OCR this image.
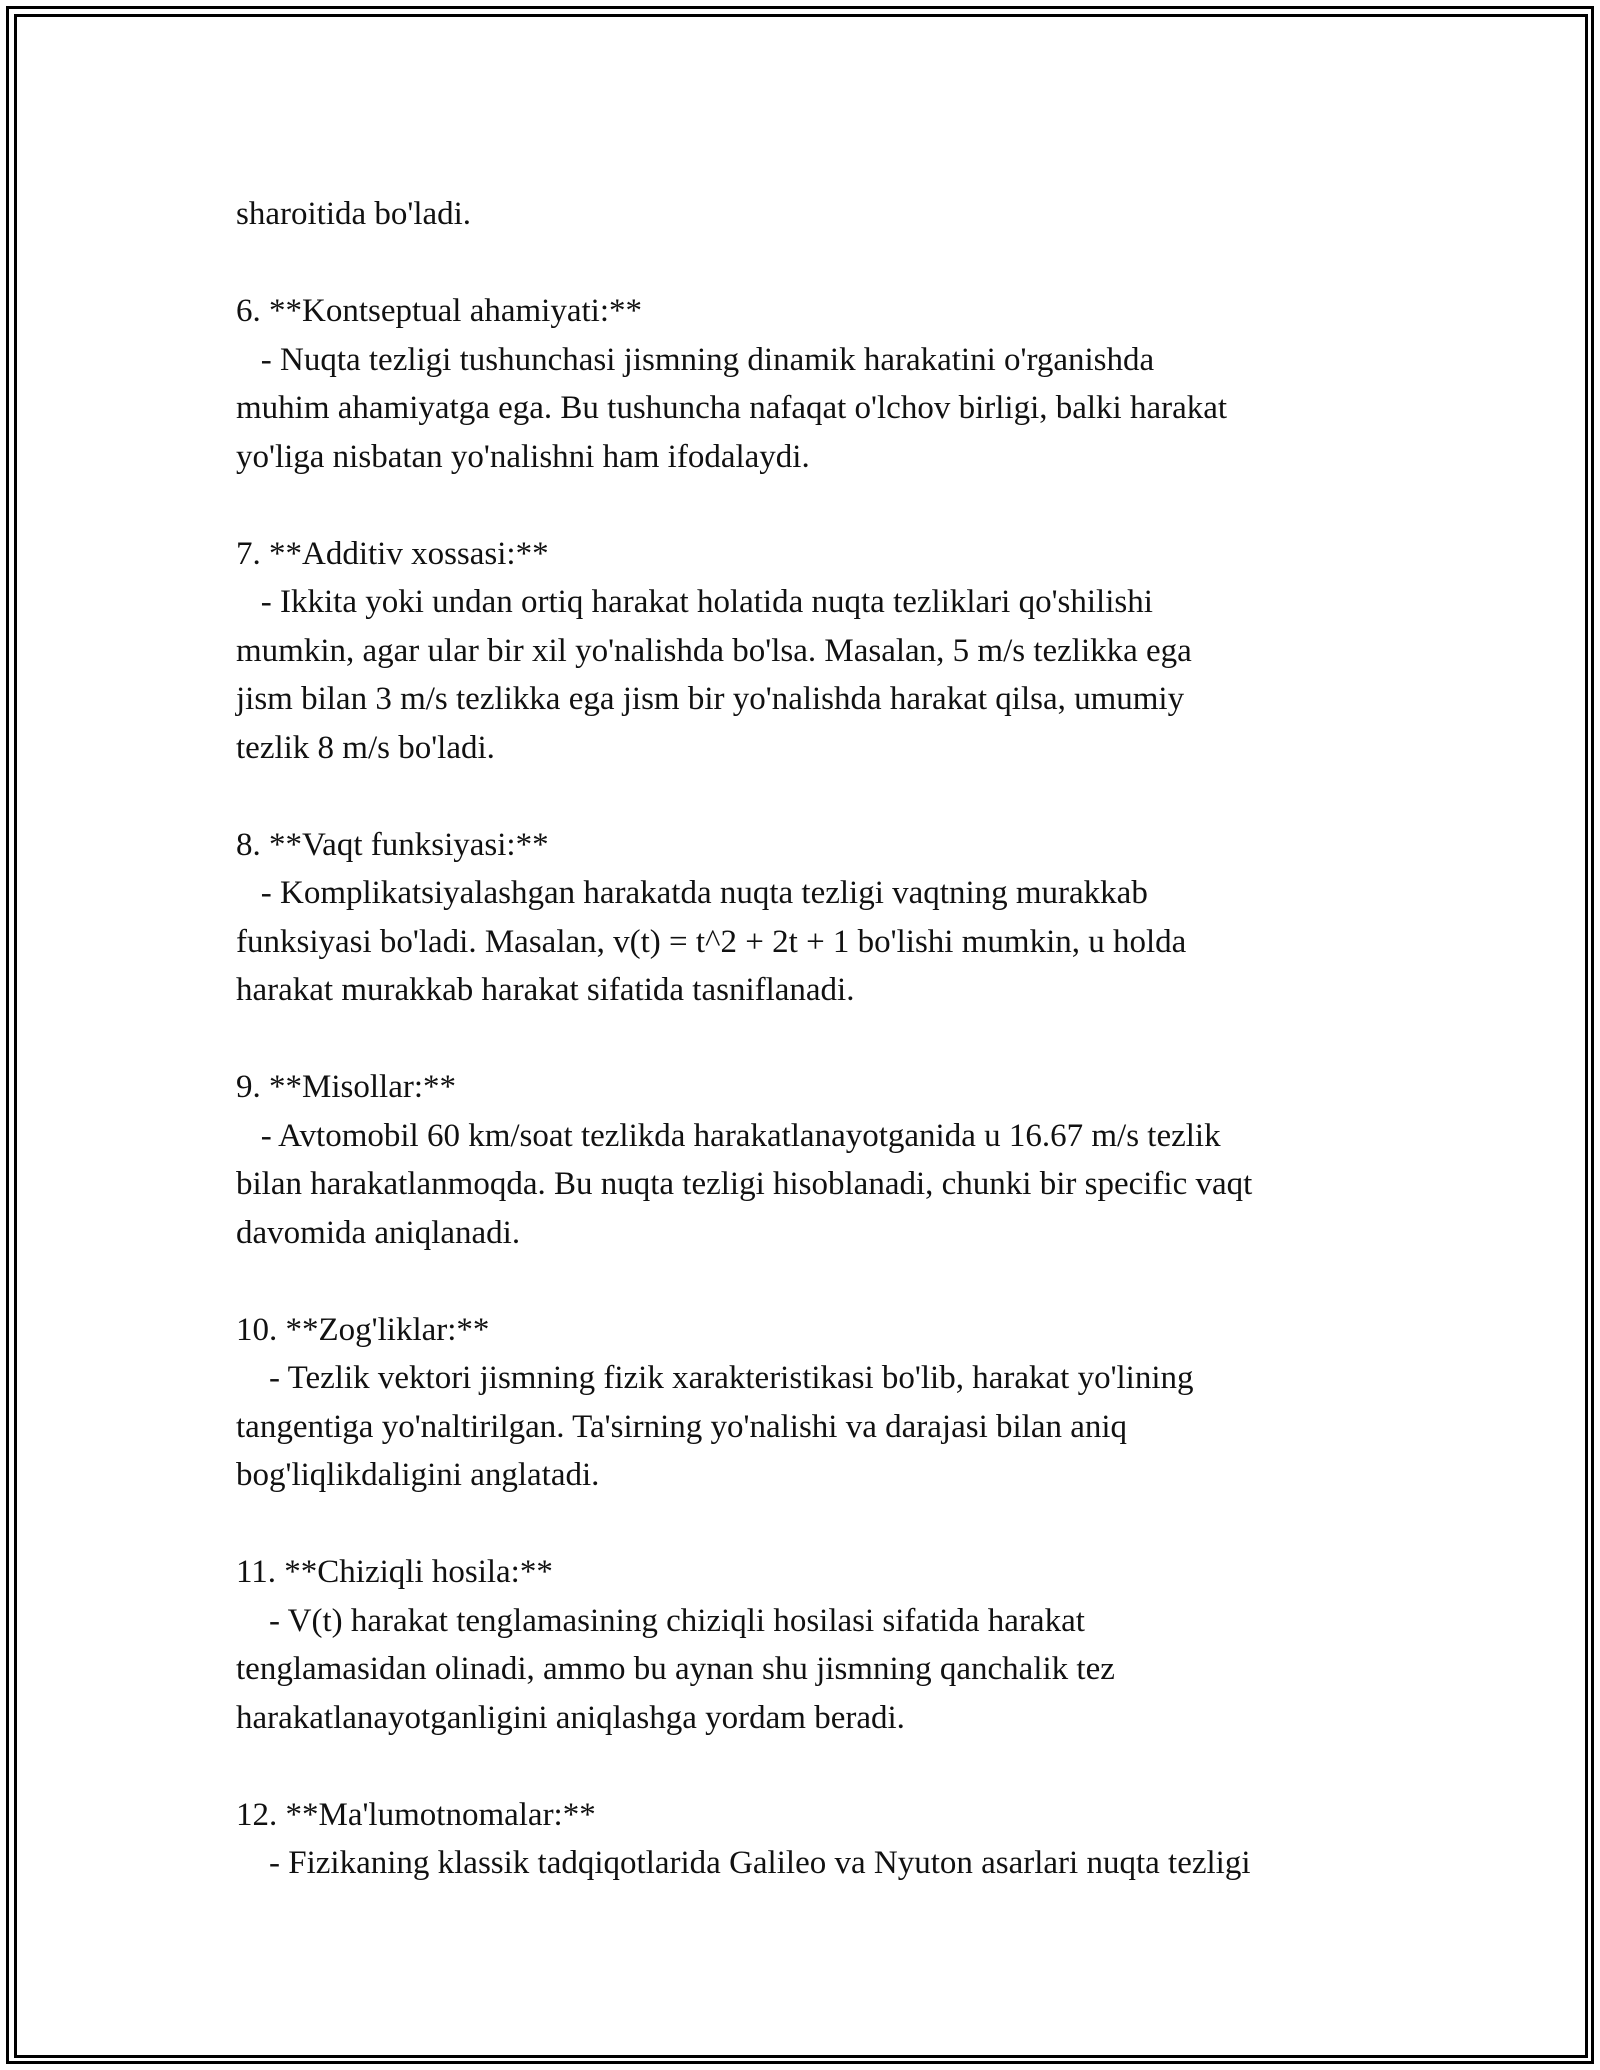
sharoitida bo'ladi.
6. **Kontseptual ahamiyati:**
- Nuqta tezligi tushunchasi jismning dinamik harakatini o'rganishda
muhim ahamiyatga ega. Bu tushuncha nafaqat o'lchov birligi, balki harakat
yo'liga nisbatan yo'nalishni ham ifodalaydi.
7. **Additiv xossasi:**
- Ikkita yoki undan ortiq harakat holatida nuqta tezliklari qo'shilishi
mumkin, agar ular bir xil yo'nalishda bo'lsa. Masalan, 5 m/s tezlikka ega
jism bilan 3 m/s tezlikka ega jism bir yo'nalishda harakat qilsa, umumiy
tezlik 8 m/s bo'ladi.
8. **Vaqt funksiyasi:**
- Komplikatsiyalashgan harakatda nuqta tezligi vaqtning murakkab
funksiyasi bo'ladi. Masalan, v(t) = t^2 + 2t + 1 bo'lishi mumkin, u holda
harakat murakkab harakat sifatida tasniflanadi.
9. **Misollar:**
- Avtomobil 60 km/soat tezlikda harakatlanayotganida u 16.67 m/s tezlik
bilan harakatlanmoqda. Bu nuqta tezligi hisoblanadi, chunki bir specific vaqt
davomida aniqlanadi.
10. **Zog'liklar:**
- Tezlik vektori jismning fizik xarakteristikasi bo'lib, harakat yo'lining
tangentiga yo'naltirilgan. Ta'sirning yo'nalishi va darajasi bilan aniq
bog'liqlikdaligini anglatadi.
11. **Chiziqli hosila:**
- V(t) harakat tenglamasining chiziqli hosilasi sifatida harakat
tenglamasidan olinadi, ammo bu aynan shu jismning qanchalik tez
harakatlanayotganligini aniqlashga yordam beradi.
12. **Ma'lumotnomalar:**
- Fizikaning klassik tadqiqotlarida Galileo va Nyuton asarlari nuqta tezligi
